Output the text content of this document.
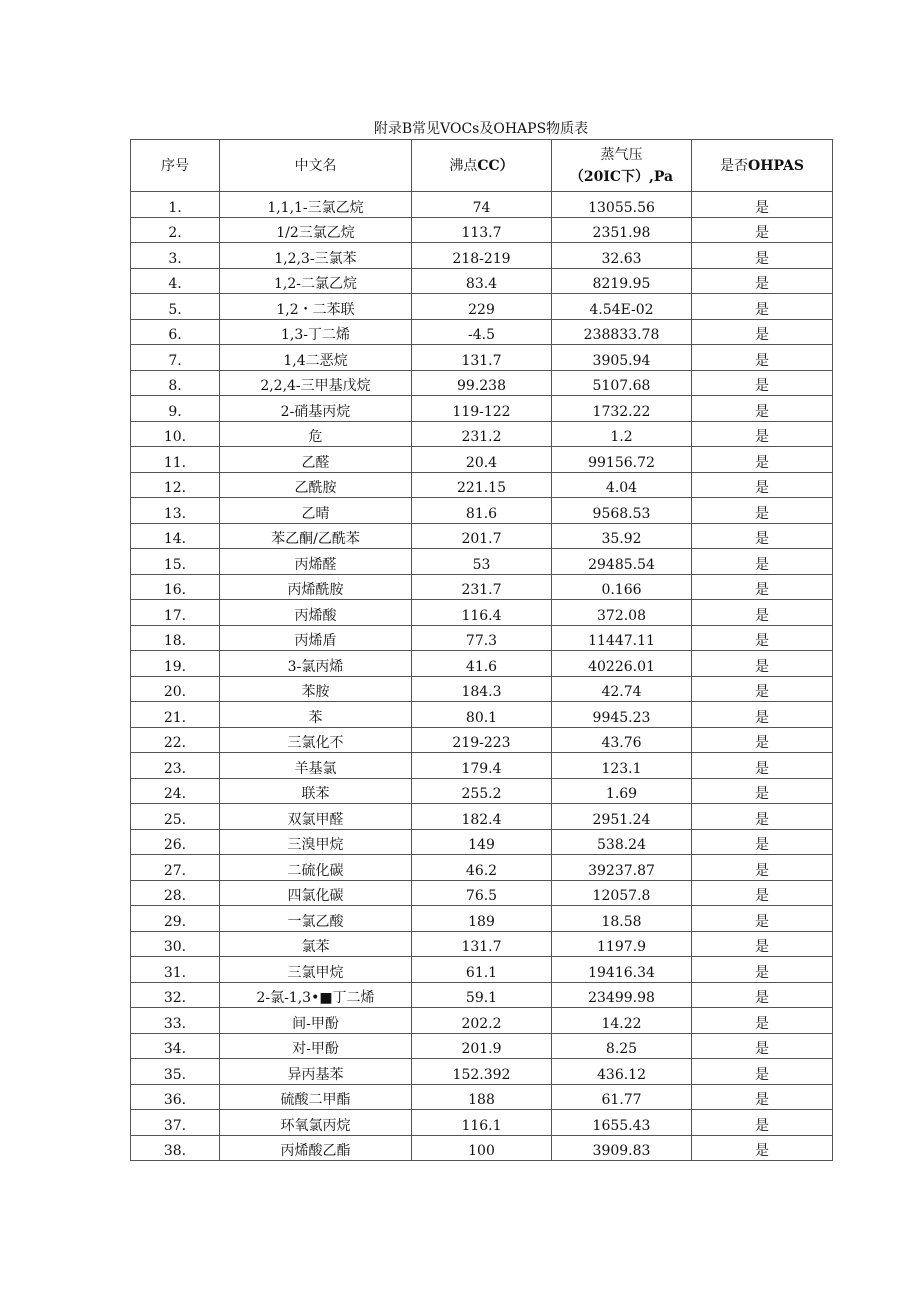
附录B常见VOCs及OHAPS物质表
序号	中文名	沸点CC）	蒸气压
（20IC下）,Pa	是否OHPAS
1.	1,1,1-三氯乙烷	74	13055.56	是
2.	1/2三氯乙烷	113.7	2351.98	是
3.	1,2,3-三氯苯	218-219	32.63	是
4.	1,2-二氯乙烷	83.4	8219.95	是
5.	1,2・二苯联	229	4.54E-02	是
6.	1,3-丁二烯	-4.5	238833.78	是
7.	1,4二恶烷	131.7	3905.94	是
8.	2,2,4-三甲基戊烷	99.238	5107.68	是
9.	2-硝基丙烷	119-122	1732.22	是
10.	危	231.2	1.2	是
11.	乙醛	20.4	99156.72	是
12.	乙酰胺	221.15	4.04	是
13.	乙晴	81.6	9568.53	是
14.	苯乙酮/乙酰苯	201.7	35.92	是
15.	丙烯醛	53	29485.54	是
16.	丙烯酰胺	231.7	0.166	是
17.	丙烯酸	116.4	372.08	是
18.	丙烯盾	77.3	11447.11	是
19.	3-氯丙烯	41.6	40226.01	是
20.	苯胺	184.3	42.74	是
21.	苯	80.1	9945.23	是
22.	三氯化不	219-223	43.76	是
23.	羊基氯	179.4	123.1	是
24.	联苯	255.2	1.69	是
25.	双氯甲醛	182.4	2951.24	是
26.	三溴甲烷	149	538.24	是
27.	二硫化碳	46.2	39237.87	是
28.	四氯化碳	76.5	12057.8	是
29.	一氯乙酸	189	18.58	是
30.	氯苯	131.7	1197.9	是
31.	三氯甲烷	61.1	19416.34	是
32.	2-氯-1,3•■丁二烯	59.1	23499.98	是
33.	间-甲酚	202.2	14.22	是
34.	对-甲酚	201.9	8.25	是
35.	异丙基苯	152.392	436.12	是
36.	硫酸二甲酯	188	61.77	是
37.	环氧氯丙烷	116.1	1655.43	是
38.	丙烯酸乙酯	100	3909.83	是
